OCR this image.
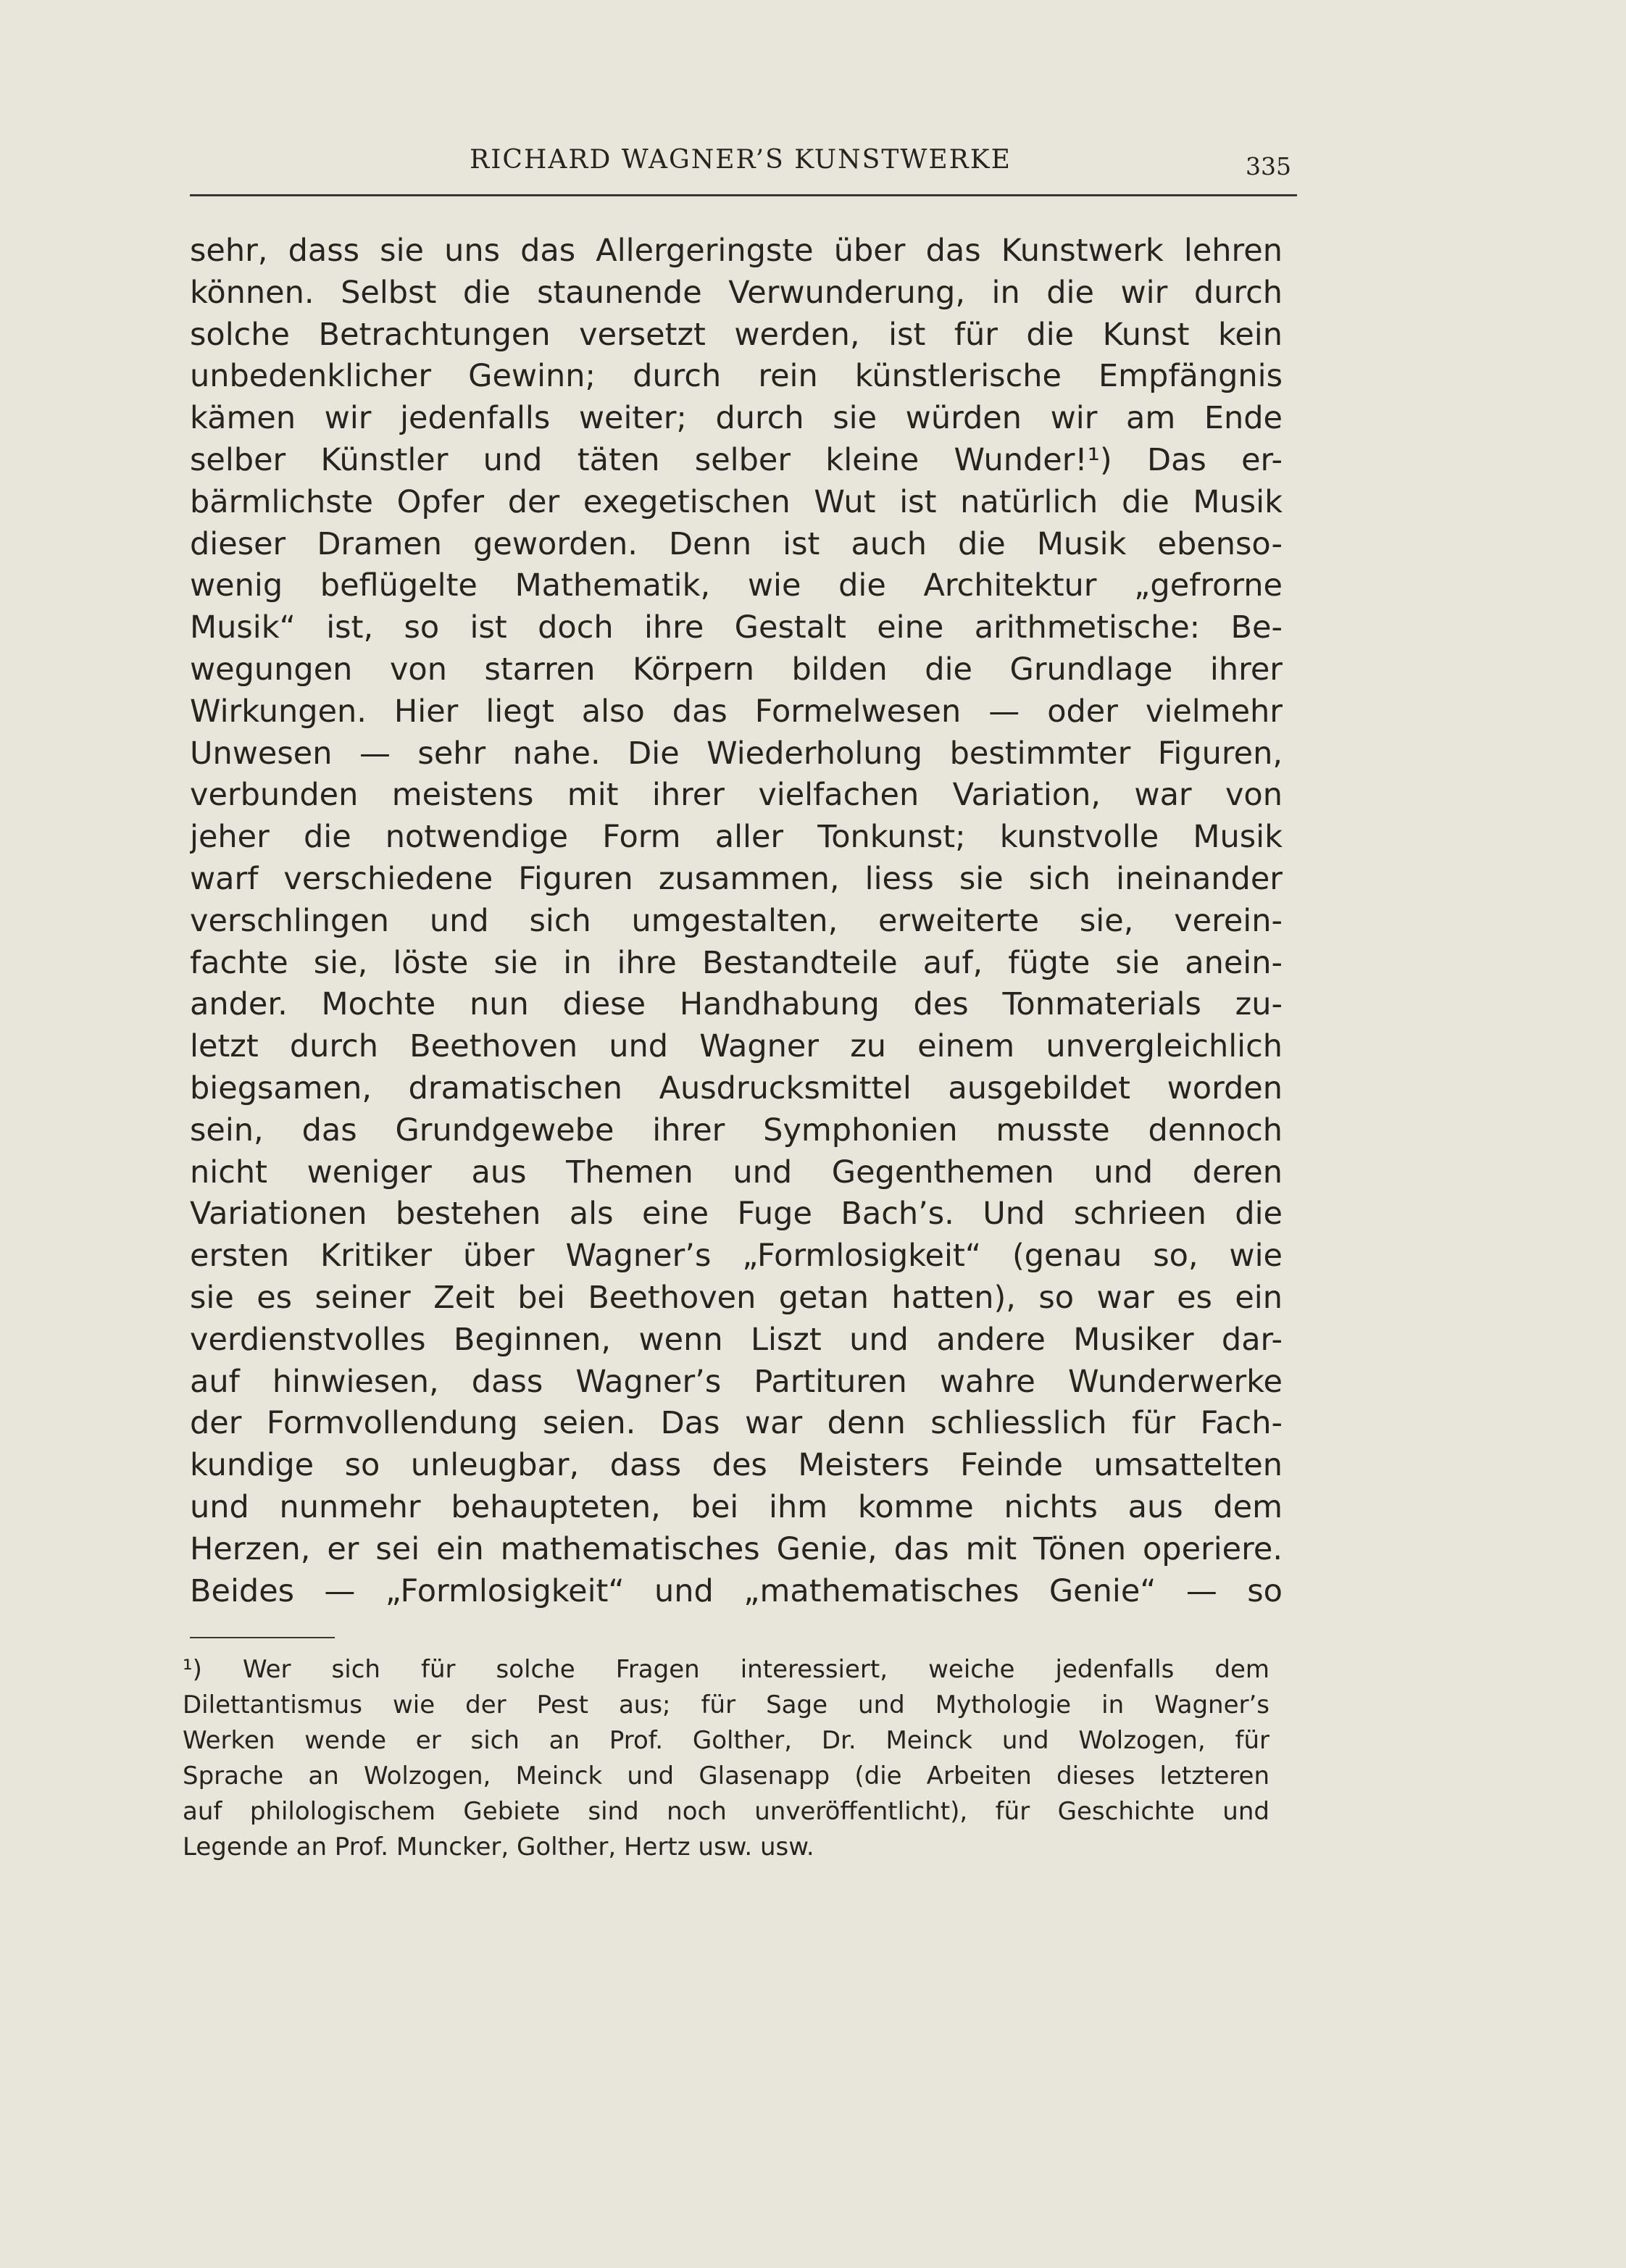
RICHARD WAGNER’S KUNSTWERKE	335
sehr, dass sie uns das Allergeringste über das Kunstwerk lehren
können. Selbst die staunende Verwunderung, in die wir durch
solche Betrachtungen versetzt werden, ist für die Kunst kein
unbedenklicher Gewinn; durch rein künstlerische Empfängnis
kämen wir jedenfalls weiter; durch sie würden wir am Ende
selber Künstler und täten selber kleine Wunder!¹) Das er-
bärmlichste Opfer der exegetischen Wut ist natürlich die Musik
dieser Dramen geworden. Denn ist auch die Musik ebenso-
wenig beflügelte Mathematik, wie die Architektur „gefrorne
Musik“ ist, so ist doch ihre Gestalt eine arithmetische: Be-
wegungen von starren Körpern bilden die Grundlage ihrer
Wirkungen. Hier liegt also das Formelwesen — oder vielmehr
Unwesen — sehr nahe. Die Wiederholung bestimmter Figuren,
verbunden meistens mit ihrer vielfachen Variation, war von
jeher die notwendige Form aller Tonkunst; kunstvolle Musik
warf verschiedene Figuren zusammen, liess sie sich ineinander
verschlingen und sich umgestalten, erweiterte sie, verein-
fachte sie, löste sie in ihre Bestandteile auf, fügte sie anein-
ander. Mochte nun diese Handhabung des Tonmaterials zu-
letzt durch Beethoven und Wagner zu einem unvergleichlich
biegsamen, dramatischen Ausdrucksmittel ausgebildet worden
sein, das Grundgewebe ihrer Symphonien musste dennoch
nicht weniger aus Themen und Gegenthemen und deren
Variationen bestehen als eine Fuge Bach’s. Und schrieen die
ersten Kritiker über Wagner’s „Formlosigkeit“ (genau so, wie
sie es seiner Zeit bei Beethoven getan hatten), so war es ein
verdienstvolles Beginnen, wenn Liszt und andere Musiker dar-
auf hinwiesen, dass Wagner’s Partituren wahre Wunderwerke
der Formvollendung seien. Das war denn schliesslich für Fach-
kundige so unleugbar, dass des Meisters Feinde umsattelten
und nunmehr behaupteten, bei ihm komme nichts aus dem
Herzen, er sei ein mathematisches Genie, das mit Tönen operiere.
Beides — „Formlosigkeit“ und „mathematisches Genie“ — so
¹) Wer sich für solche Fragen interessiert, weiche jedenfalls dem
Dilettantismus wie der Pest aus; für Sage und Mythologie in Wagner’s
Werken wende er sich an Prof. Golther, Dr. Meinck und Wolzogen, für
Sprache an Wolzogen, Meinck und Glasenapp (die Arbeiten dieses letzteren
auf philologischem Gebiete sind noch unveröffentlicht), für Geschichte und
Legende an Prof. Muncker, Golther, Hertz usw. usw.
